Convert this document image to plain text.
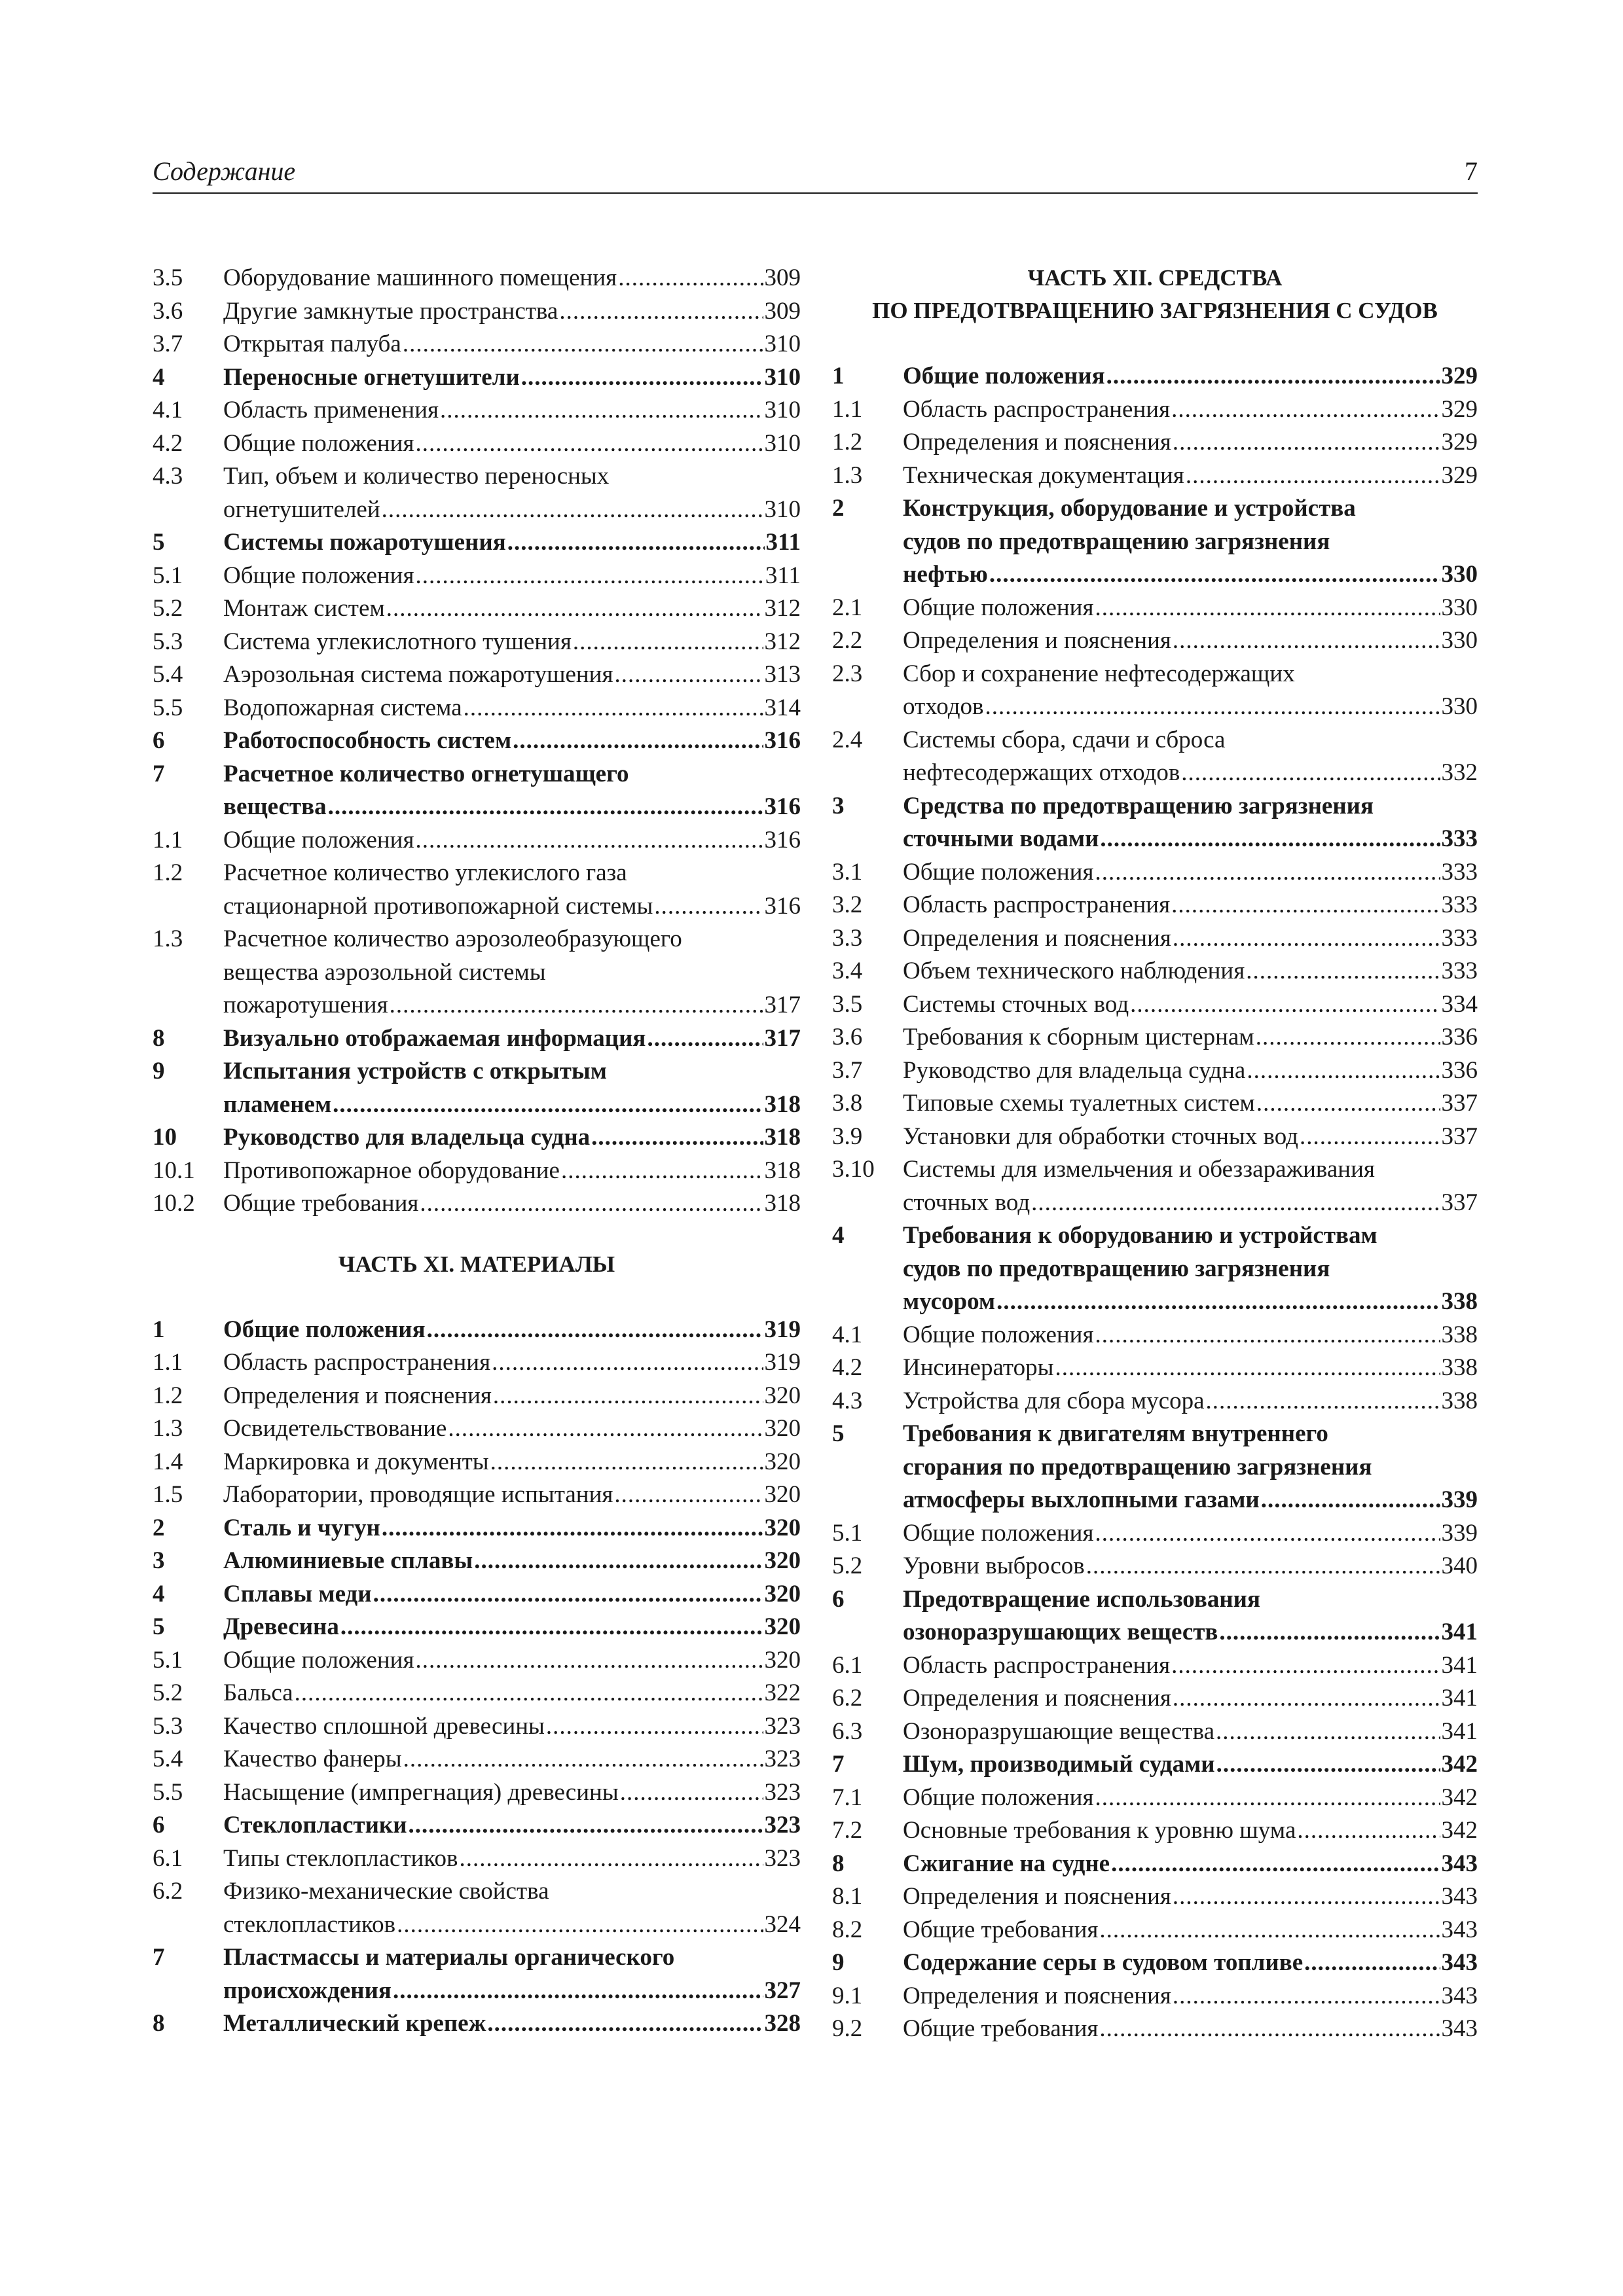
Содержание	7
3.5	Оборудование машинного помещения .....	309
3.6	Другие замкнутые пространства .....	309
3.7	Открытая палуба .....	310
4	Переносные огнетушители .....	310
4.1	Область применения .....	310
4.2	Общие положения .....	310
4.3	Тип, объем и количество переносных
огнетушителей .....	310
5	Системы пожаротушения .....	311
5.1	Общие положения .....	311
5.2	Монтаж систем .....	312
5.3	Система углекислотного тушения .....	312
5.4	Аэрозольная система пожаротушения .....	313
5.5	Водопожарная система .....	314
6	Работоспособность систем .....	316
7	Расчетное количество огнетушащего
вещества .....	316
1.1	Общие положения .....	316
1.2	Расчетное количество углекислого газа
стационарной противопожарной системы .....	316
1.3	Расчетное количество аэрозолеобразующего
вещества аэрозольной системы
пожаротушения .....	317
8	Визуально отображаемая информация .....	317
9	Испытания устройств с открытым
пламенем .....	318
10	Руководство для владельца судна .....	318
10.1	Противопожарное оборудование .....	318
10.2	Общие требования .....	318
ЧАСТЬ XI. МАТЕРИАЛЫ
1	Общие положения .....	319
1.1	Область распространения .....	319
1.2	Определения и пояснения .....	320
1.3	Освидетельствование .....	320
1.4	Маркировка и документы .....	320
1.5	Лаборатории, проводящие испытания .....	320
2	Сталь и чугун .....	320
3	Алюминиевые сплавы .....	320
4	Сплавы меди .....	320
5	Древесина .....	320
5.1	Общие положения .....	320
5.2	Бальса .....	322
5.3	Качество сплошной древесины .....	323
5.4	Качество фанеры .....	323
5.5	Насыщение (импрегнация) древесины .....	323
6	Стеклопластики .....	323
6.1	Типы стеклопластиков .....	323
6.2	Физико-механические свойства
стеклопластиков .....	324
7	Пластмассы и материалы органического
происхождения .....	327
8	Металлический крепеж .....	328
ЧАСТЬ XII. СРЕДСТВА
ПО ПРЕДОТВРАЩЕНИЮ ЗАГРЯЗНЕНИЯ С СУДОВ
1	Общие положения .....	329
1.1	Область распространения .....	329
1.2	Определения и пояснения .....	329
1.3	Техническая документация .....	329
2	Конструкция, оборудование и устройства
судов по предотвращению загрязнения
нефтью .....	330
2.1	Общие положения .....	330
2.2	Определения и пояснения .....	330
2.3	Сбор и сохранение нефтесодержащих
отходов .....	330
2.4	Системы сбора, сдачи и сброса
нефтесодержащих отходов .....	332
3	Средства по предотвращению загрязнения
сточными водами .....	333
3.1	Общие положения .....	333
3.2	Область распространения .....	333
3.3	Определения и пояснения .....	333
3.4	Объем технического наблюдения .....	333
3.5	Системы сточных вод .....	334
3.6	Требования к сборным цистернам .....	336
3.7	Руководство для владельца судна .....	336
3.8	Типовые схемы туалетных систем .....	337
3.9	Установки для обработки сточных вод .....	337
3.10	Системы для измельчения и обеззараживания
сточных вод .....	337
4	Требования к оборудованию и устройствам
судов по предотвращению загрязнения
мусором .....	338
4.1	Общие положения .....	338
4.2	Инсинераторы .....	338
4.3	Устройства для сбора мусора .....	338
5	Требования к двигателям внутреннего
сгорания по предотвращению загрязнения
атмосферы выхлопными газами .....	339
5.1	Общие положения .....	339
5.2	Уровни выбросов .....	340
6	Предотвращение использования
озоноразрушающих веществ .....	341
6.1	Область распространения .....	341
6.2	Определения и пояснения .....	341
6.3	Озоноразрушающие вещества .....	341
7	Шум, производимый судами .....	342
7.1	Общие положения .....	342
7.2	Основные требования к уровню шума .....	342
8	Сжигание на судне .....	343
8.1	Определения и пояснения .....	343
8.2	Общие требования .....	343
9	Содержание серы в судовом топливе .....	343
9.1	Определения и пояснения .....	343
9.2	Общие требования .....	343
